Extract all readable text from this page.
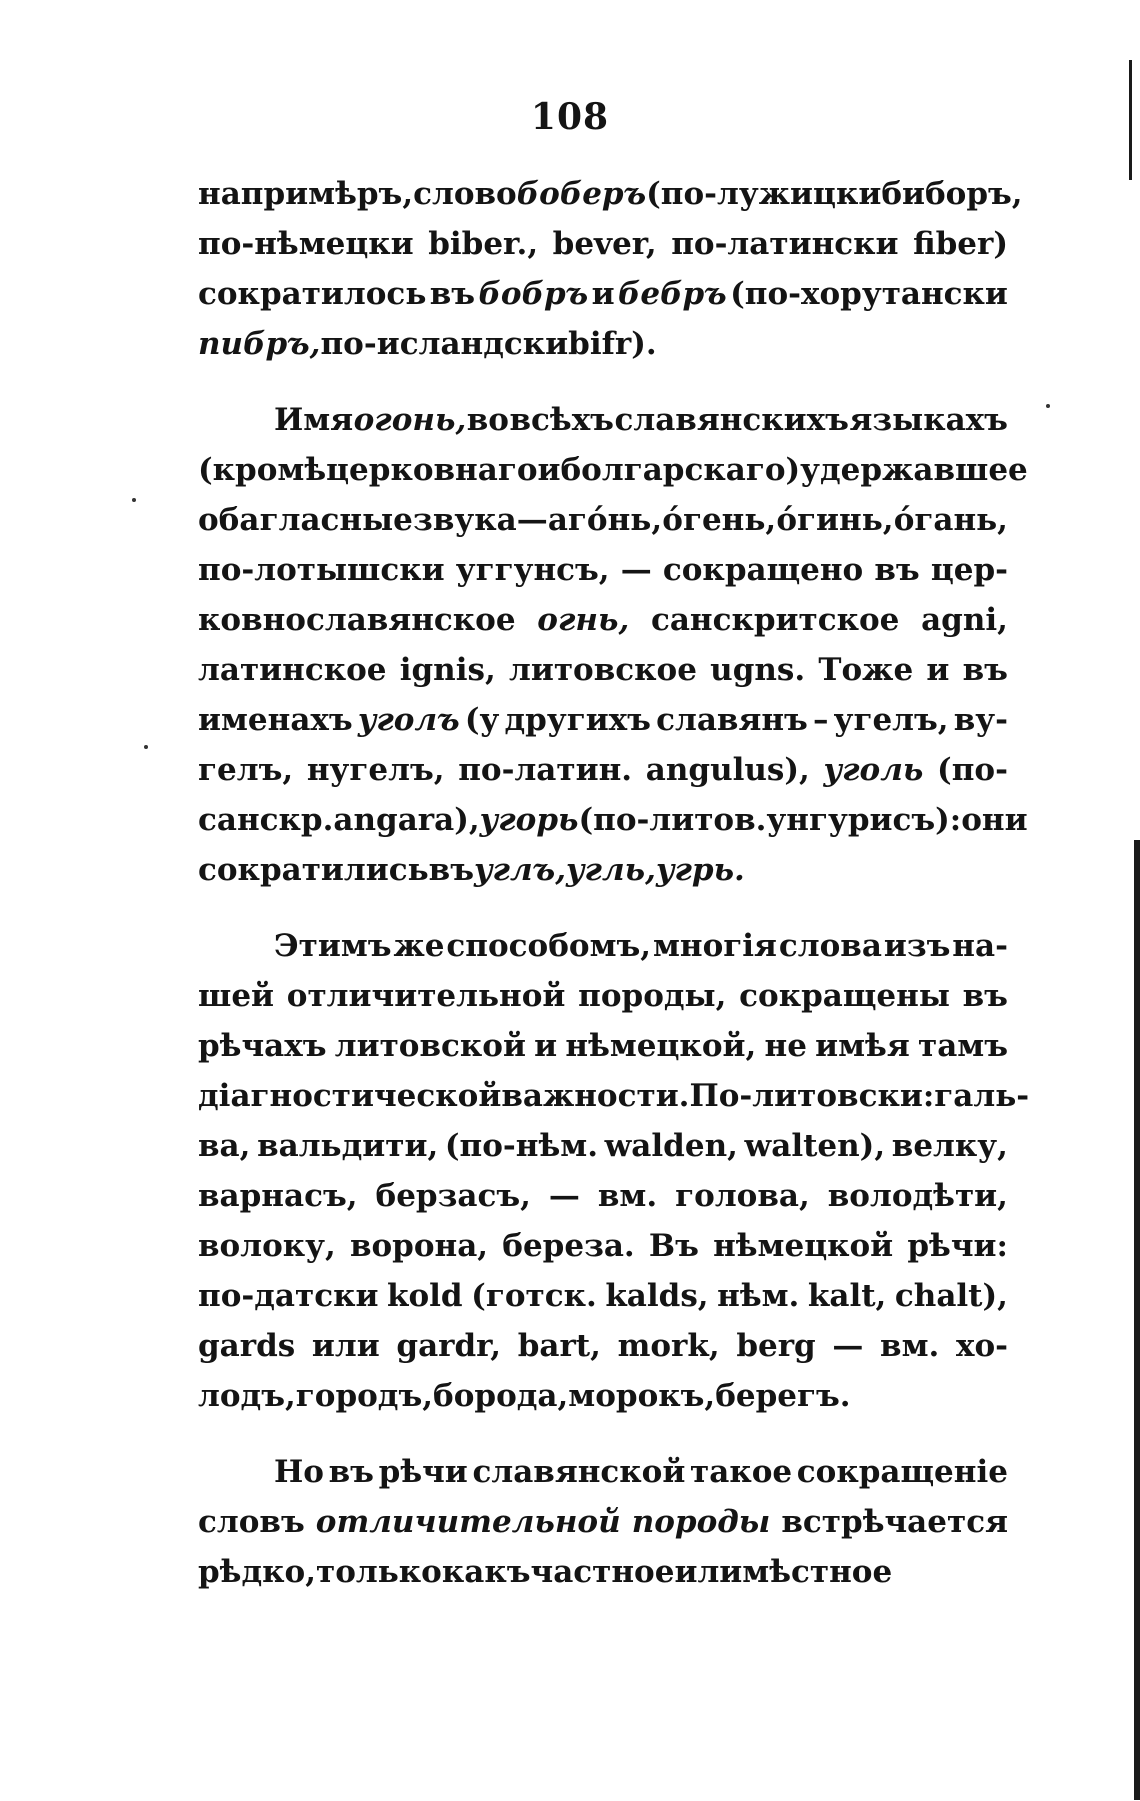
108
напримѣръ, слово боберъ (по-лужицки биборъ,
по-нѣмецки biber., bever, по-латински fiber)
сократилось въ бобръ и бебръ (по-хорутански
пибръ, по-исландски bifr).
Имя огонь, во всѣхъ славянскихъ языкахъ
(кромѣ церковнаго и болгарскаго) удержавшее
оба гласные звука— агóнь, óгень, óгинь, óгань,
по-лотышски уггунсъ, — сокращено въ цер-
ковнославянское огнь, санскритское agni,
латинское ignis, литовское ugns. Тоже и въ
именахъ уголъ (у другихъ славянъ – угелъ, ву-
гелъ, нугелъ, по-латин. angulus), уголь (по-
санскр. angara), угорь (по-литов. унгурисъ): они
сократились въ углъ, угль, угрь.
Этимъ же способомъ, многія слова изъ на-
шей отличительной породы, сокращены въ
рѣчахъ литовской и нѣмецкой, не имѣя тамъ
діагностической важности. По-литовски: галь-
ва, вальдити, (по-нѣм. walden, walten), велку,
варнасъ, берзасъ, — вм. голова, володѣти,
волоку, ворона, береза. Въ нѣмецкой рѣчи:
по-датски kold (готск. kalds, нѣм. kalt, chalt),
gards или gardr, bart, mork, berg — вм. хо-
лодъ, городъ, борода, морокъ, берегъ.
Но въ рѣчи славянской такое сокращеніе
словъ отличительной породы встрѣчается
рѣдко, только какъ частное или мѣстное
